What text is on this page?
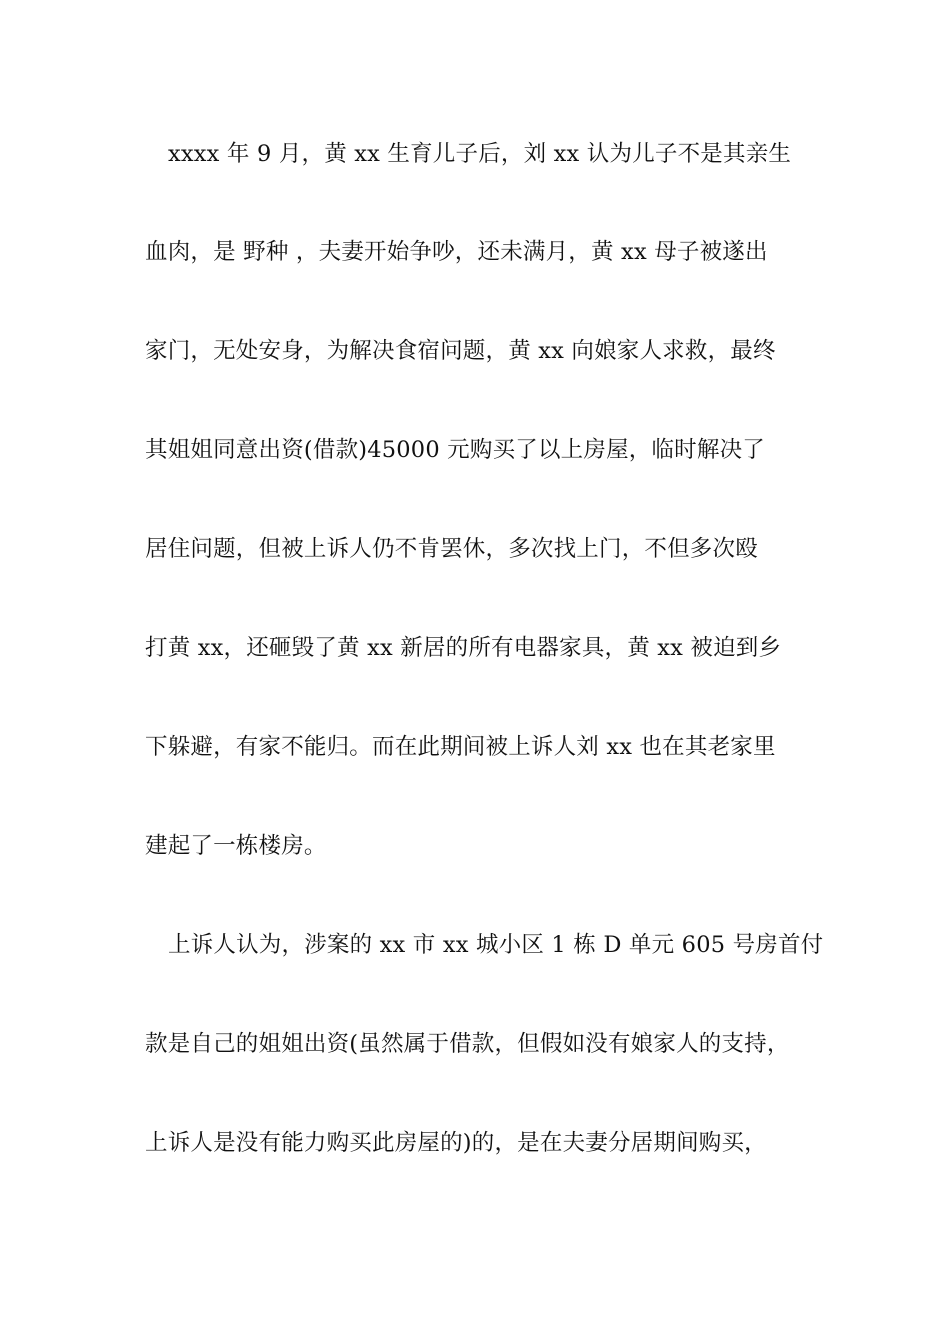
xxxx 年 9 月，黄 xx 生育儿子后，刘 xx 认为儿子不是其亲生
血肉，是 野种 ，夫妻开始争吵，还未满月，黄 xx 母子被遂出
家门，无处安身，为解决食宿问题，黄 xx 向娘家人求救，最终
其姐姐同意出资(借款)45000 元购买了以上房屋，临时解决了
居住问题，但被上诉人仍不肯罢休，多次找上门，不但多次殴
打黄 xx，还砸毁了黄 xx 新居的所有电器家具，黄 xx 被迫到乡
下躲避，有家不能归。而在此期间被上诉人刘 xx 也在其老家里
建起了一栋楼房。
上诉人认为，涉案的 xx 市 xx 城小区 1 栋 D 单元 605 号房首付
款是自己的姐姐出资(虽然属于借款，但假如没有娘家人的支持，
上诉人是没有能力购买此房屋的)的，是在夫妻分居期间购买，
